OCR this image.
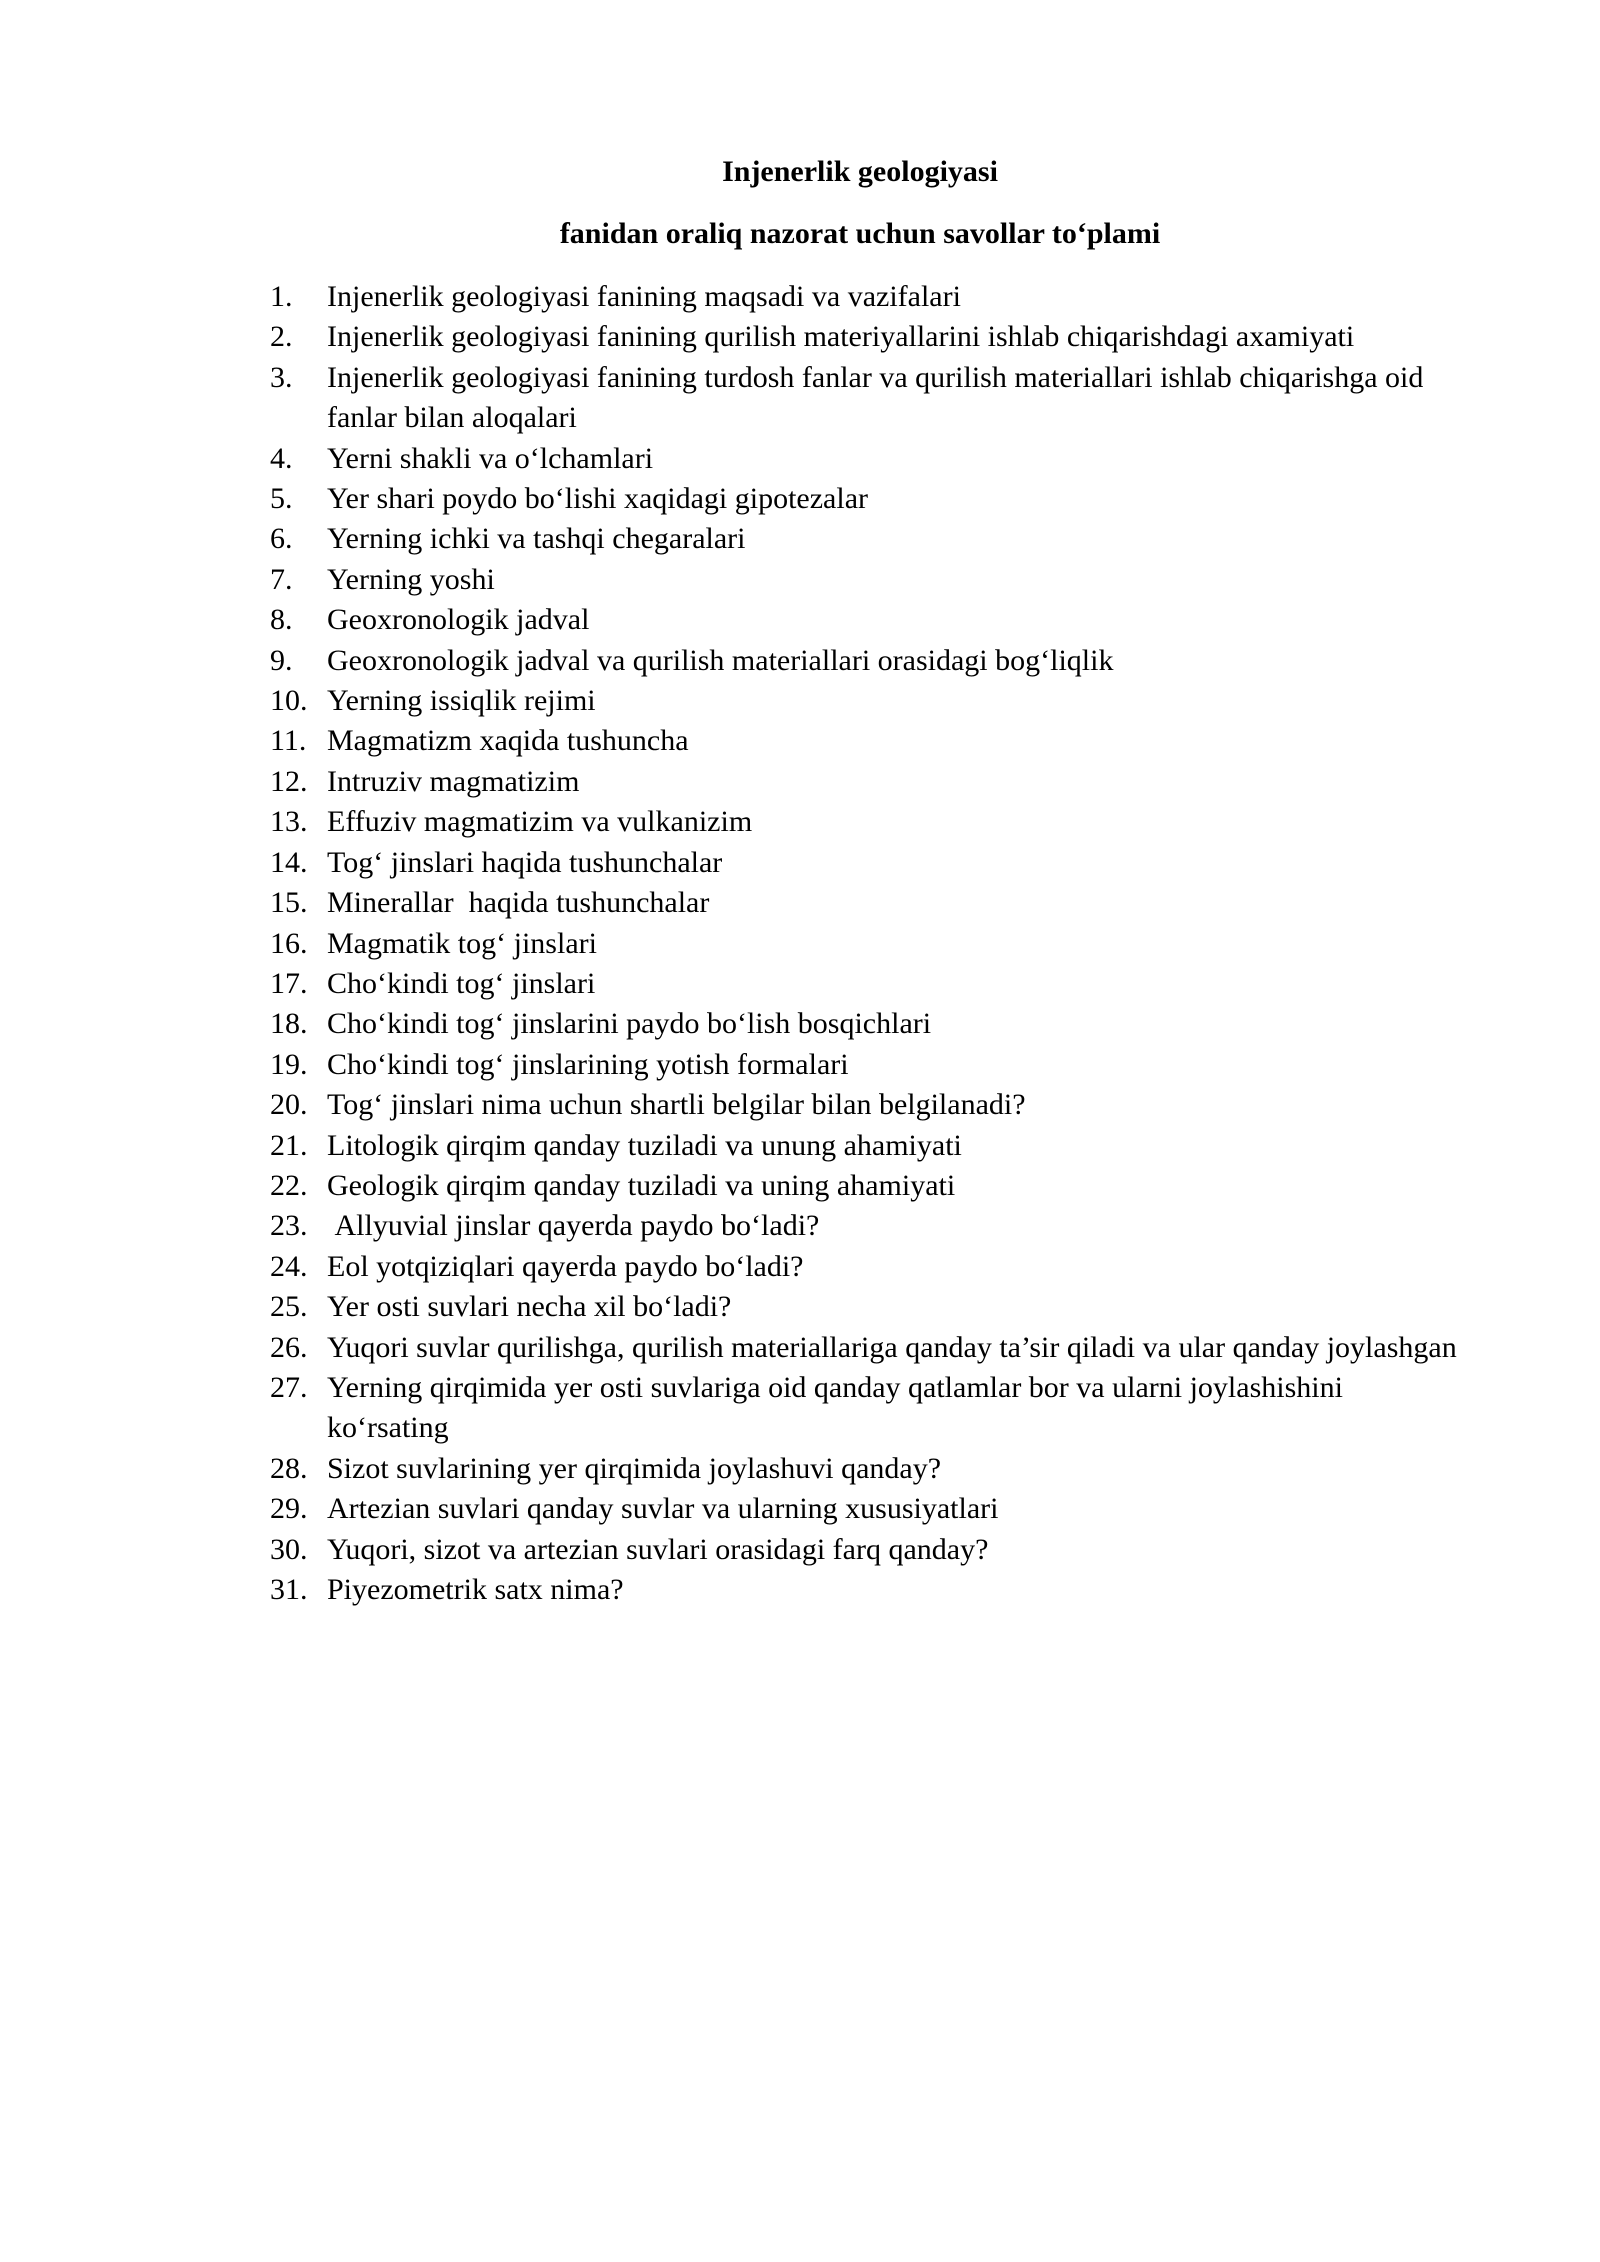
Injenerlik geologiyasi
fanidan oraliq nazorat uchun savollar to‘plami
1. Injenerlik geologiyasi fanining maqsadi va vazifalari
2. Injenerlik geologiyasi fanining qurilish materiyallarini ishlab chiqarishdagi axamiyati
3. Injenerlik geologiyasi fanining turdosh fanlar va qurilish materiallari ishlab chiqarishga oid fanlar bilan aloqalari
4. Yerni shakli va o‘lchamlari
5. Yer shari poydo bo‘lishi xaqidagi gipotezalar
6. Yerning ichki va tashqi chegaralari
7. Yerning yoshi
8. Geoxronologik jadval
9. Geoxronologik jadval va qurilish materiallari orasidagi bog‘liqlik
10. Yerning issiqlik rejimi
11. Magmatizm xaqida tushuncha
12. Intruziv magmatizim
13. Effuziv magmatizim va vulkanizim
14. Tog‘ jinslari haqida tushunchalar
15. Minerallar  haqida tushunchalar
16. Magmatik tog‘ jinslari
17. Cho‘kindi tog‘ jinslari
18. Cho‘kindi tog‘ jinslarini paydo bo‘lish bosqichlari
19. Cho‘kindi tog‘ jinslarining yotish formalari
20. Tog‘ jinslari nima uchun shartli belgilar bilan belgilanadi?
21. Litologik qirqim qanday tuziladi va unung ahamiyati
22. Geologik qirqim qanday tuziladi va uning ahamiyati
23. Allyuvial jinslar qayerda paydo bo‘ladi?
24. Eol yotqiziqlari qayerda paydo bo‘ladi?
25. Yer osti suvlari necha xil bo‘ladi?
26. Yuqori suvlar qurilishga, qurilish materiallariga qanday ta’sir qiladi va ular qanday joylashgan
27. Yerning qirqimida yer osti suvlariga oid qanday qatlamlar bor va ularni joylashishini ko‘rsating
28. Sizot suvlarining yer qirqimida joylashuvi qanday?
29. Artezian suvlari qanday suvlar va ularning xususiyatlari
30. Yuqori, sizot va artezian suvlari orasidagi farq qanday?
31. Piyezometrik satx nima?
